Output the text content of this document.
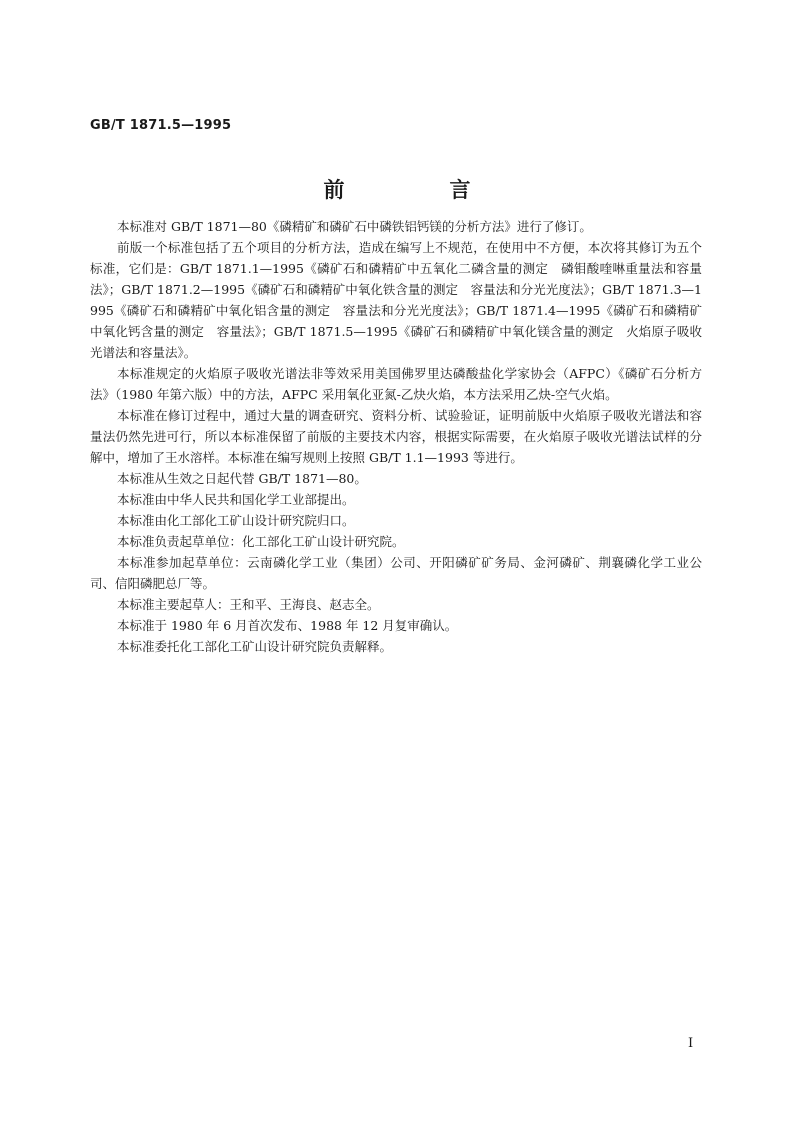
GB/T 1871.5—1995
前　言

本标准对 GB/T 1871—80《磷精矿和磷矿石中磷铁铝钙镁的分析方法》进行了修订。

前版一个标准包括了五个项目的分析方法，造成在编写上不规范，在使用中不方便，本次将其修订为五个标准，它们是：GB/T 1871.1—1995《磷矿石和磷精矿中五氧化二磷含量的测定　磷钼酸喹啉重量法和容量法》；GB/T 1871.2—1995《磷矿石和磷精矿中氧化铁含量的测定　容量法和分光光度法》；GB/T 1871.3—1995《磷矿石和磷精矿中氧化铝含量的测定　容量法和分光光度法》；GB/T 1871.4—1995《磷矿石和磷精矿中氧化钙含量的测定　容量法》；GB/T 1871.5—1995《磷矿石和磷精矿中氧化镁含量的测定　火焰原子吸收光谱法和容量法》。

本标准规定的火焰原子吸收光谱法非等效采用美国佛罗里达磷酸盐化学家协会（AFPC）《磷矿石分析方法》（1980 年第六版）中的方法，AFPC 采用氧化亚氮-乙炔火焰，本方法采用乙炔-空气火焰。

本标准在修订过程中，通过大量的调查研究、资料分析、试验验证，证明前版中火焰原子吸收光谱法和容量法仍然先进可行，所以本标准保留了前版的主要技术内容，根据实际需要，在火焰原子吸收光谱法试样的分解中，增加了王水溶样。本标准在编写规则上按照 GB/T 1.1—1993 等进行。

本标准从生效之日起代替 GB/T 1871—80。

本标准由中华人民共和国化学工业部提出。

本标准由化工部化工矿山设计研究院归口。

本标准负责起草单位：化工部化工矿山设计研究院。

本标准参加起草单位：云南磷化学工业（集团）公司、开阳磷矿矿务局、金河磷矿、荆襄磷化学工业公司、信阳磷肥总厂等。

本标准主要起草人：王和平、王海良、赵志全。

本标准于 1980 年 6 月首次发布、1988 年 12 月复审确认。

本标准委托化工部化工矿山设计研究院负责解释。

I
